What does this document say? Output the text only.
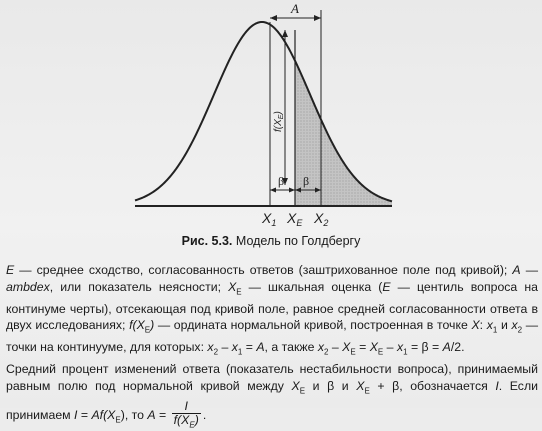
A
$f(X_E)$
β β
$X_1$ $X_E$ $X_2$
Рис. 5.3. Модель по Голдбергу

E — среднее сходство, согласованность ответов (заштрихованное поле под кривой); A — ambdex, или показатель неясности; $X_E$ — шкальная оценка (E — центиль вопроса на континуме черты), отсекающая под кривой поле, равное средней согласованности ответа в двух исследованиях; $f(X_E)$ — ордината нормальной кривой, построенная в точке X: $x_1$ и $x_2$ — точки на континууме, для которых: $x_2 - x_1 = A$, а также $x_2 - X_E = X_E - x_1 = \beta = A/2$.

Средний процент изменений ответа (показатель нестабильности вопроса), принимаемый равным полю под нормальной кривой между $X_E$ и β и $X_E + \beta$, обозначается I. Если принимаем $I = Af(X_E)$, то $A = \frac{I}{f(X_E)}$ .
